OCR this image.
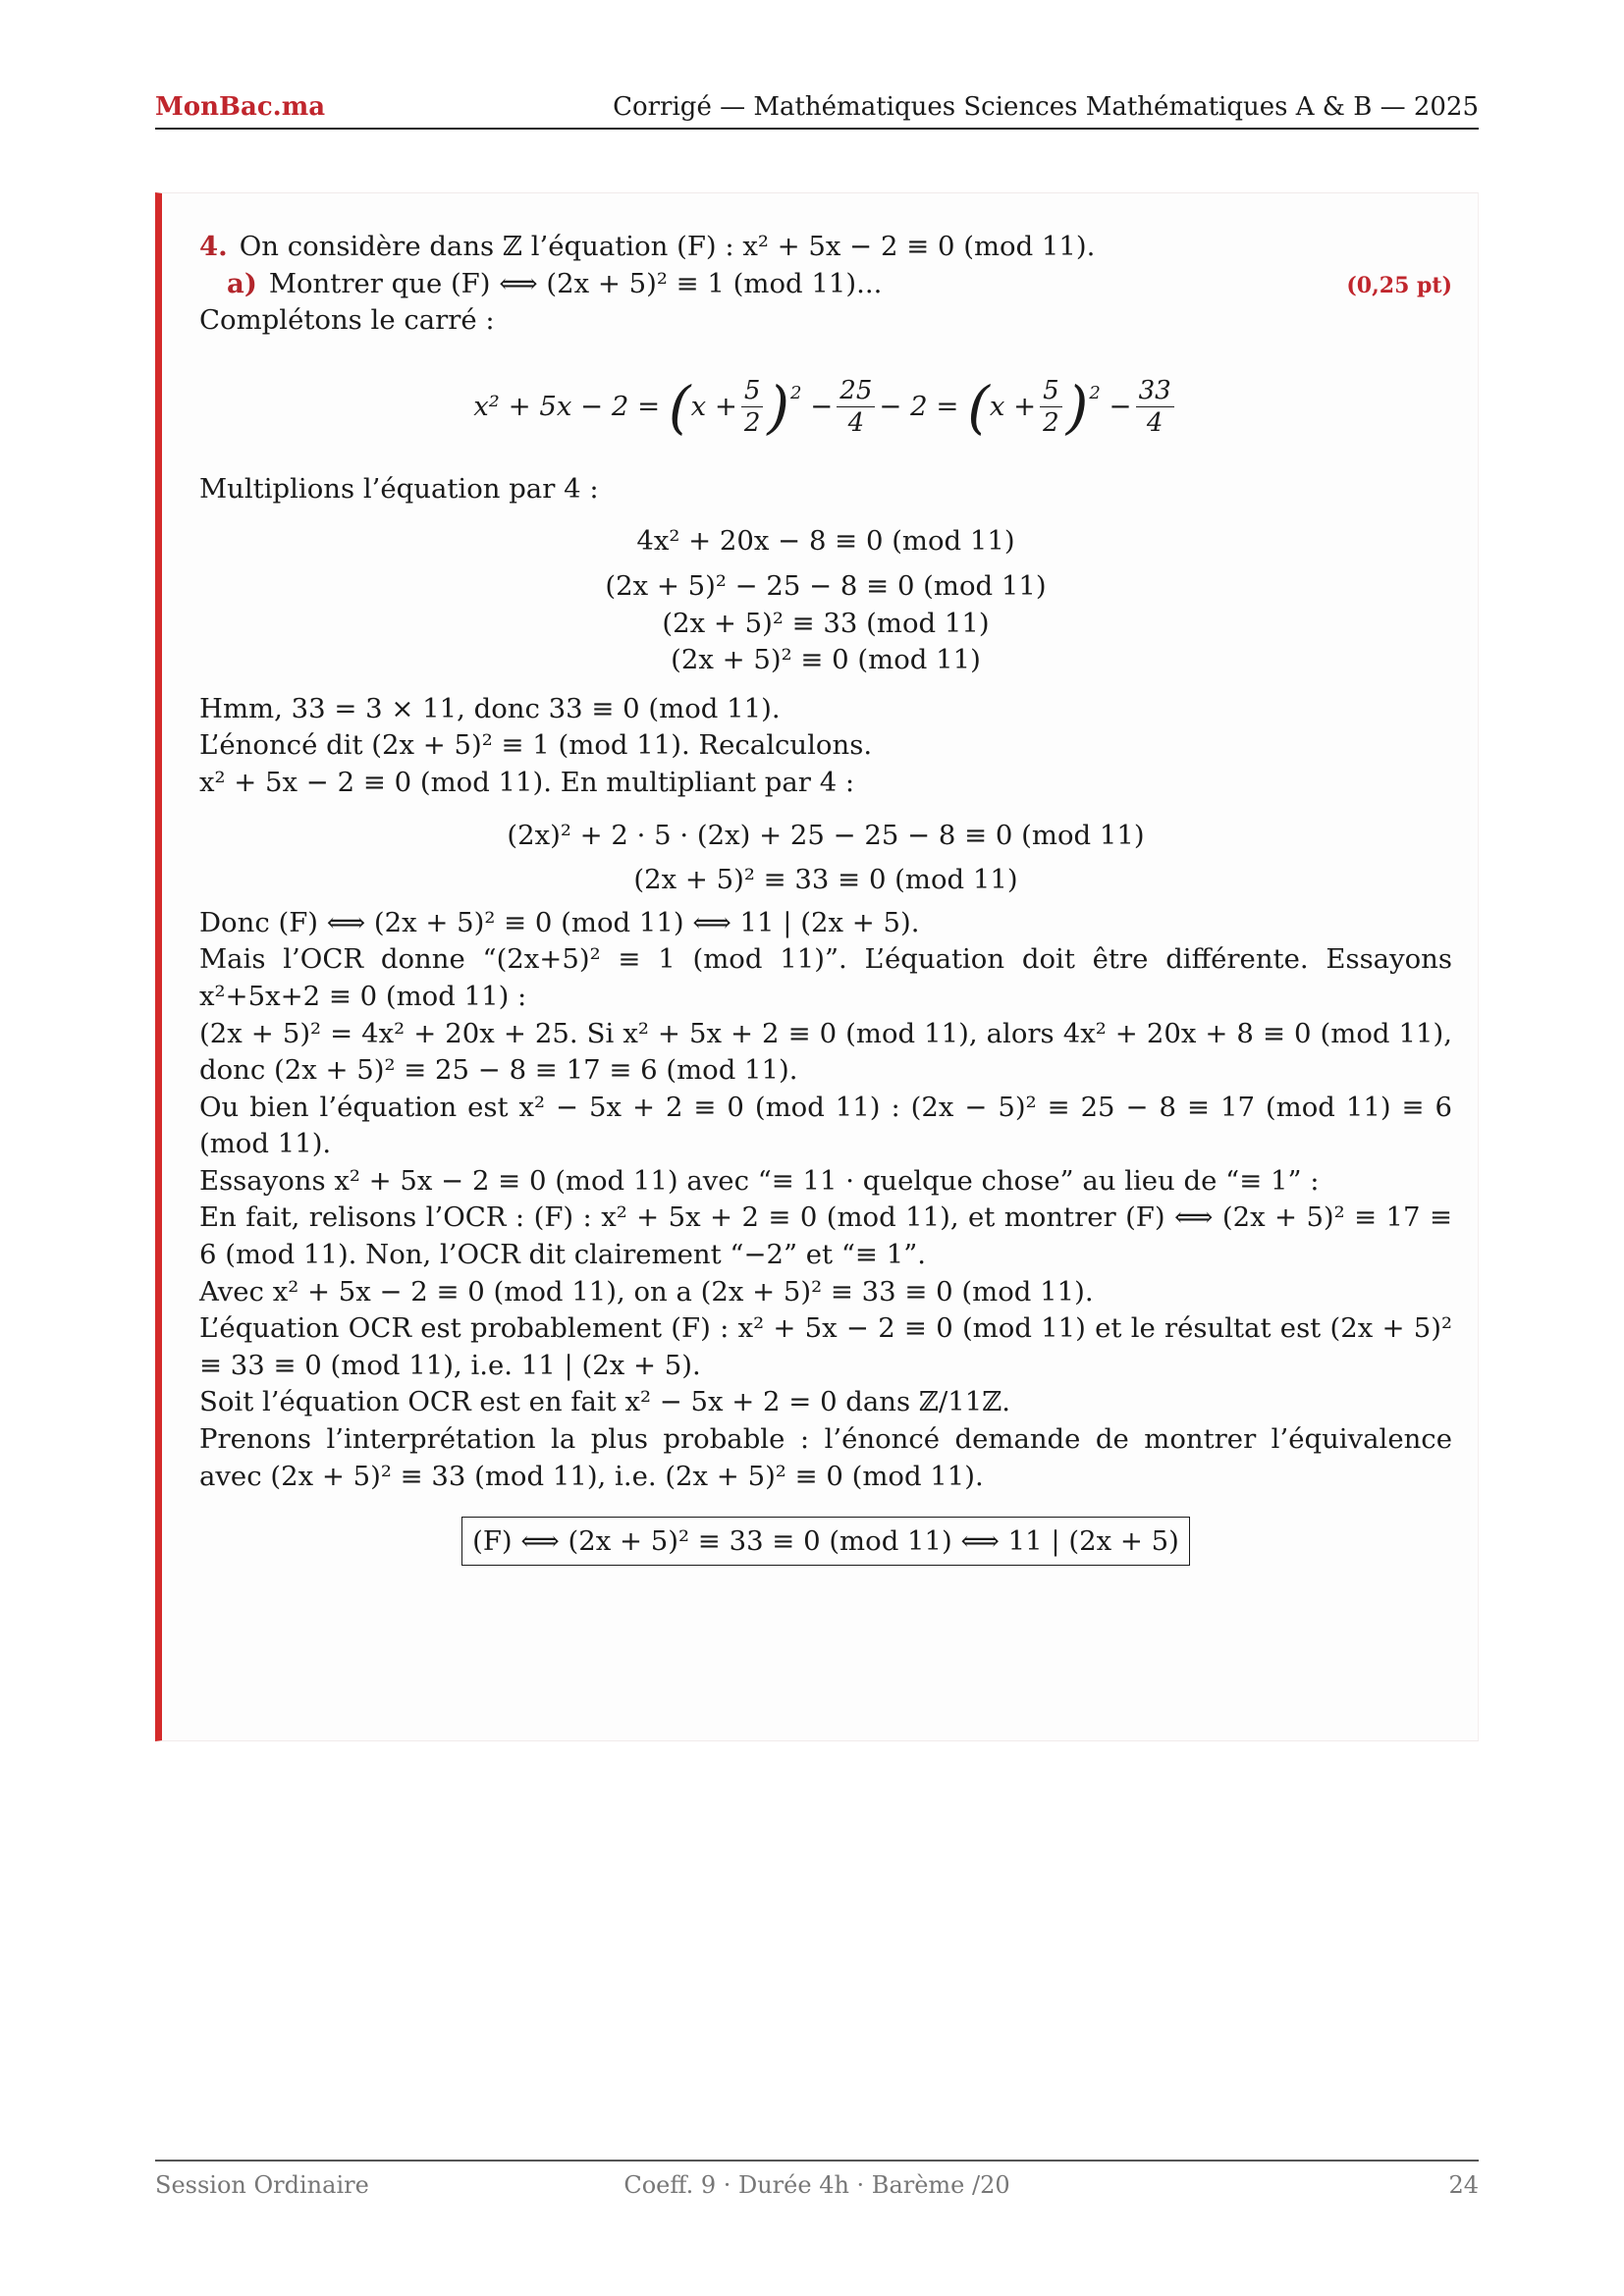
MonBac.ma	Corrigé — Mathématiques Sciences Mathématiques A & B — 2025

4. On considère dans ℤ l’équation (F) : x² + 5x − 2 ≡ 0 (mod 11).

a) Montrer que (F) ⟺ (2x + 5)² ≡ 1 (mod 11)...	(0,25 pt)

Complétons le carré :

x² + 5x − 2 =
( $x + \frac{5}{2}$ ) 2
− $\frac{25}{4} - 2$ =
( $x + \frac{5}{2}$ ) 2
− $\frac{33}{4}$

Multiplions l’équation par 4 :

4x² + 20x − 8 ≡ 0 (mod 11)

(2x + 5)² − 25 − 8 ≡ 0 (mod 11)

(2x + 5)² ≡ 33 (mod 11)

(2x + 5)² ≡ 0 (mod 11)

Hmm, 33 = 3 × 11, donc 33 ≡ 0 (mod 11).

L’énoncé dit (2x + 5)² ≡ 1 (mod 11). Recalculons.

x² + 5x − 2 ≡ 0 (mod 11). En multipliant par 4 :

(2x)² + 2 · 5 · (2x) + 25 − 25 − 8 ≡ 0 (mod 11)

(2x + 5)² ≡ 33 ≡ 0 (mod 11)

Donc (F) ⟺ (2x + 5)² ≡ 0 (mod 11) ⟺ 11 | (2x + 5).

Mais l’OCR donne “(2x+5)² ≡ 1 (mod 11)”. L’équation doit être différente. Essayons x²+5x+2 ≡ 0 (mod 11) :

(2x + 5)² = 4x² + 20x + 25. Si x² + 5x + 2 ≡ 0 (mod 11), alors 4x² + 20x + 8 ≡ 0 (mod 11), donc (2x + 5)² ≡ 25 − 8 ≡ 17 ≡ 6 (mod 11).

Ou bien l’équation est x² − 5x + 2 ≡ 0 (mod 11) : (2x − 5)² ≡ 25 − 8 ≡ 17 (mod 11) ≡ 6 (mod 11).

Essayons x² + 5x − 2 ≡ 0 (mod 11) avec “≡ 11 · quelque chose” au lieu de “≡ 1” :

En fait, relisons l’OCR : (F) : x² + 5x + 2 ≡ 0 (mod 11), et montrer (F) ⟺ (2x + 5)² ≡ 17 ≡ 6 (mod 11). Non, l’OCR dit clairement “−2” et “≡ 1”.

Avec x² + 5x − 2 ≡ 0 (mod 11), on a (2x + 5)² ≡ 33 ≡ 0 (mod 11).

L’équation OCR est probablement (F) : x² + 5x − 2 ≡ 0 (mod 11) et le résultat est (2x + 5)² ≡ 33 ≡ 0 (mod 11), i.e. 11 | (2x + 5).

Soit l’équation OCR est en fait x² − 5x + 2 = 0 dans ℤ/11ℤ.

Prenons l’interprétation la plus probable : l’énoncé demande de montrer l’équivalence avec (2x + 5)² ≡ 33 (mod 11), i.e. (2x + 5)² ≡ 0 (mod 11).

(F) ⟺ (2x + 5)² ≡ 33 ≡ 0 (mod 11) ⟺ 11 | (2x + 5)
Session Ordinaire	Coeff. 9 · Durée 4h · Barème /20	24
